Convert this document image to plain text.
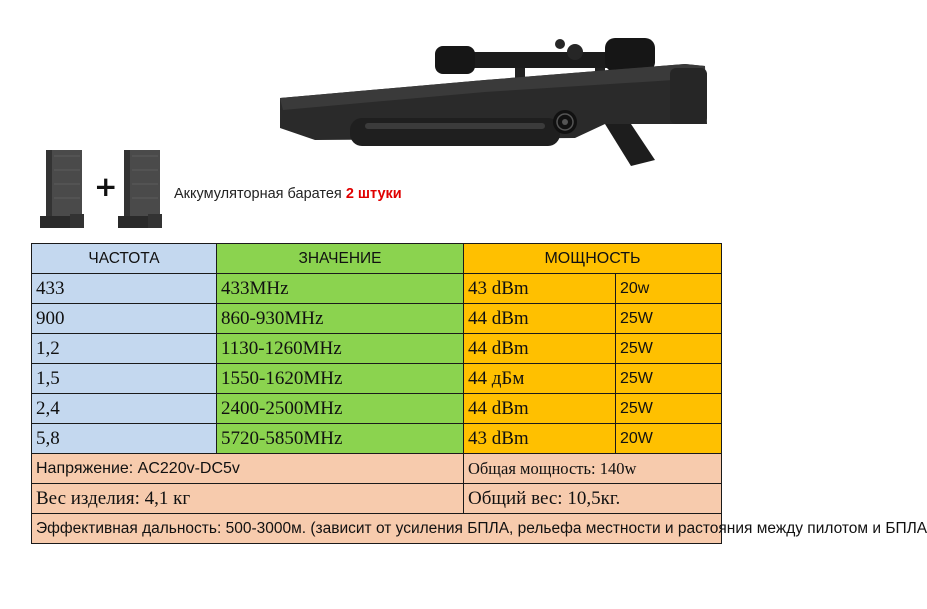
+	Аккумуляторная баратея 2 штуки
ЧАСТОТА	ЗНАЧЕНИЕ	МОЩНОСТЬ	
433	433MHz	43 dBm	20w
900	860-930MHz	44 dBm	25W
1,2	1130-1260MHz	44 dBm	25W
1,5	1550-1620MHz	44 дБм	25W
2,4	2400-2500MHz	44 dBm	25W
5,8	5720-5850MHz	43 dBm	20W
Напряжение: AC220v-DC5v		Общая мощность: 140w	
Вес изделия: 4,1 кг		Общий вес: 10,5кг.	
Эффективная дальность: 500-3000м. (зависит от усиления БПЛА, рельефа местности и растояния между пилотом и БПЛА			
